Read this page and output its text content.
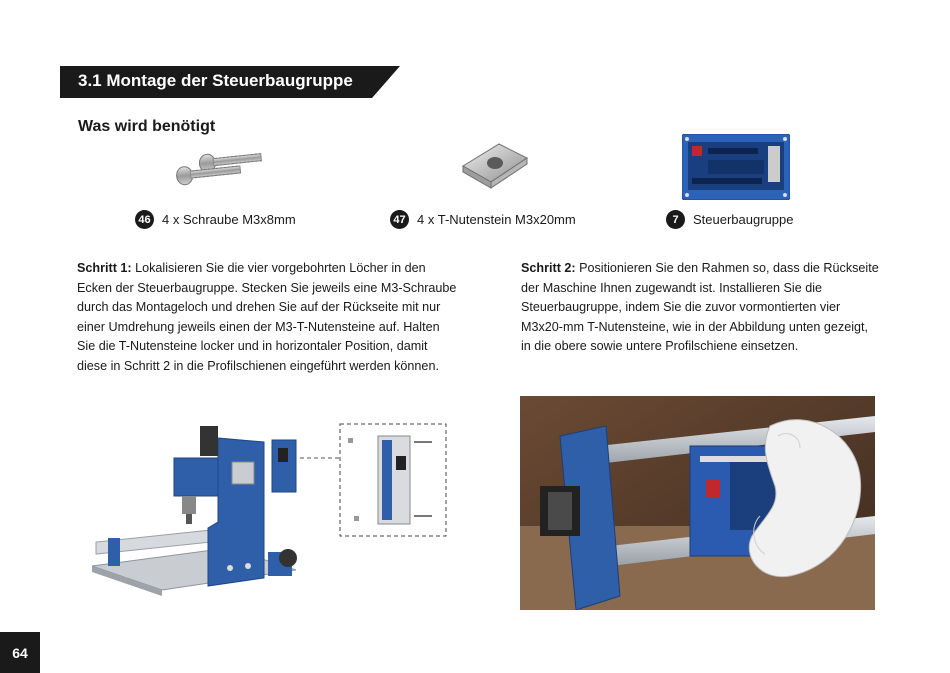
3.1 Montage der Steuerbaugruppe
Was wird benötigt
46 4 x Schraube M3x8mm	47 4 x T-Nutenstein M3x20mm	7	Steuerbaugruppe
Schritt 1: Lokalisieren Sie die vier vorgebohrten Löcher in den Ecken der Steuerbaugruppe. Stecken Sie jeweils eine M3-Schraube durch das Montageloch und drehen Sie auf der Rückseite mit nur einer Umdrehung jeweils einen der M3-T-Nutensteine auf. Halten Sie die T-Nutensteine locker und in horizontaler Position, damit diese in Schritt 2 in die Profilschienen eingeführt werden können.
Schritt 2: Positionieren Sie den Rahmen so, dass die Rückseite der Maschine Ihnen zugewandt ist. Installieren Sie die Steuerbaugruppe, indem Sie die zuvor vormontierten vier M3x20-mm T-Nutensteine, wie in der Abbildung unten gezeigt, in die obere sowie untere Profilschiene einsetzen.
64
